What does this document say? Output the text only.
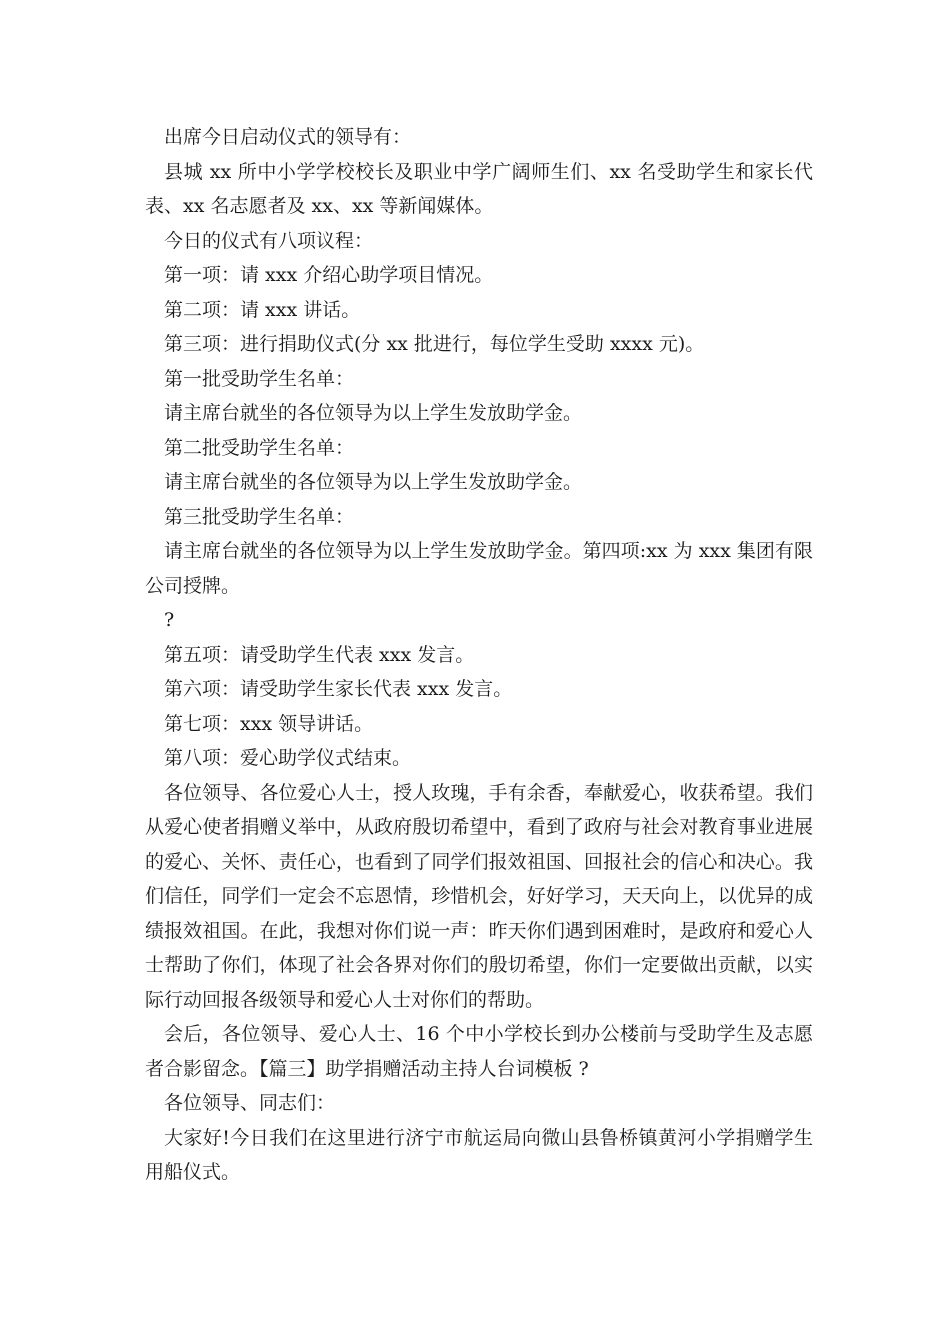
出席今日启动仪式的领导有：

县城 xx 所中小学学校校长及职业中学广阔师生们、xx 名受助学生和家长代表、xx 名志愿者及 xx、xx 等新闻媒体。

今日的仪式有八项议程：

第一项：请 xxx 介绍心助学项目情况。

第二项：请 xxx 讲话。

第三项：进行捐助仪式(分 xx 批进行，每位学生受助 xxxx 元)。

第一批受助学生名单：

请主席台就坐的各位领导为以上学生发放助学金。

第二批受助学生名单：

请主席台就坐的各位领导为以上学生发放助学金。

第三批受助学生名单：

请主席台就坐的各位领导为以上学生发放助学金。第四项:xx 为 xxx 集团有限公司授牌。

?

第五项：请受助学生代表 xxx 发言。

第六项：请受助学生家长代表 xxx 发言。

第七项：xxx 领导讲话。

第八项：爱心助学仪式结束。

各位领导、各位爱心人士，授人玫瑰，手有余香，奉献爱心，收获希望。我们从爱心使者捐赠义举中，从政府殷切希望中，看到了政府与社会对教育事业进展的爱心、关怀、责任心，也看到了同学们报效祖国、回报社会的信心和决心。我们信任，同学们一定会不忘恩情，珍惜机会，好好学习，天天向上，以优异的成绩报效祖国。在此，我想对你们说一声：昨天你们遇到困难时，是政府和爱心人士帮助了你们，体现了社会各界对你们的殷切希望，你们一定要做出贡献，以实际行动回报各级领导和爱心人士对你们的帮助。

会后，各位领导、爱心人士、16 个中小学校长到办公楼前与受助学生及志愿者合影留念。【篇三】助学捐赠活动主持人台词模板 ?

各位领导、同志们：

大家好!今日我们在这里进行济宁市航运局向微山县鲁桥镇黄河小学捐赠学生用船仪式。
